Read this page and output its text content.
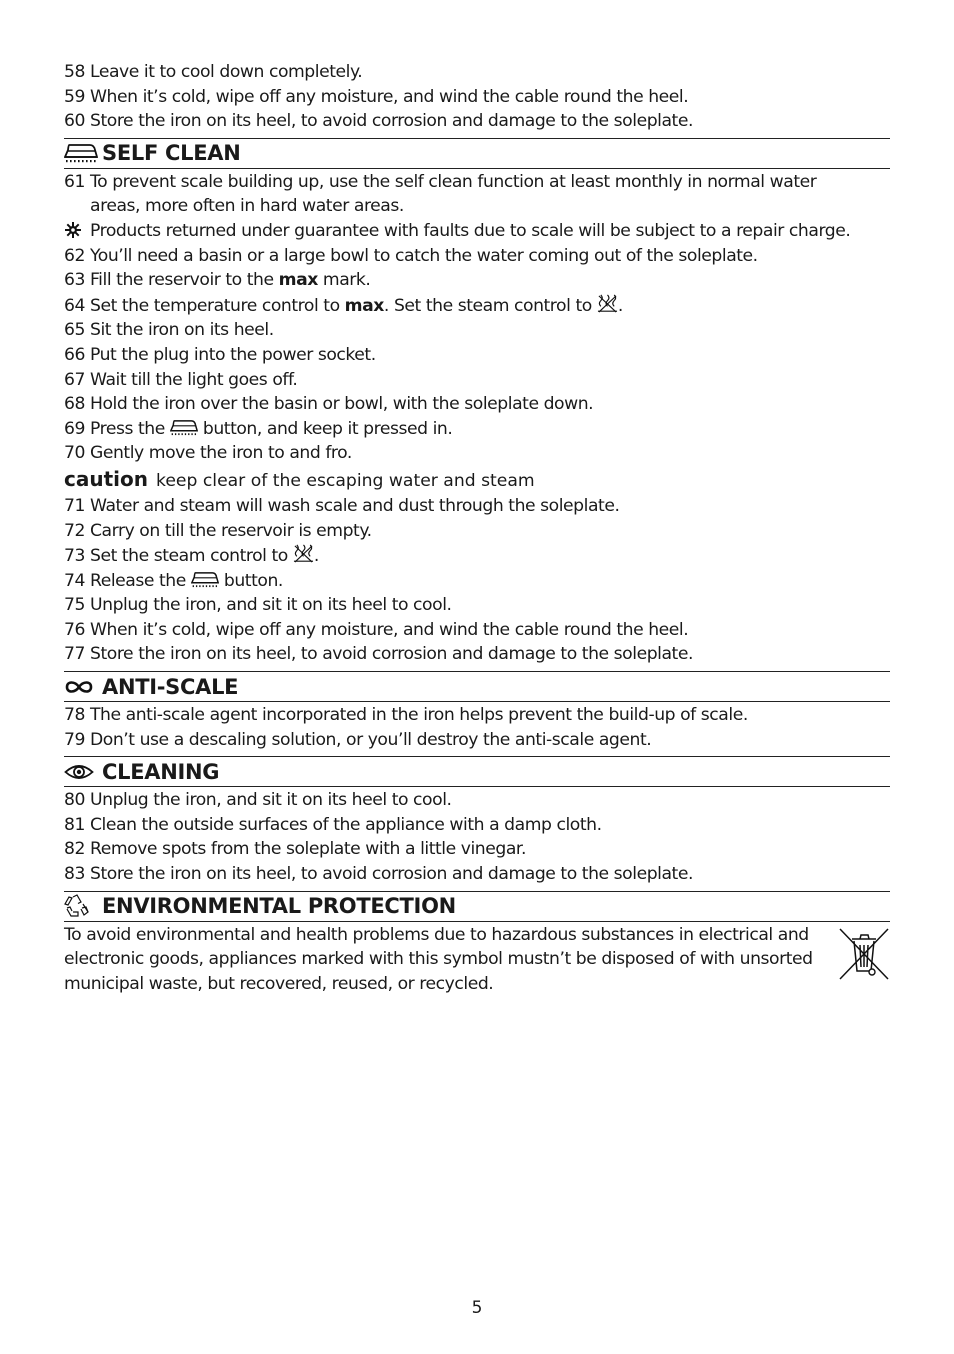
58 Leave it to cool down completely.
59 When it’s cold, wipe off any moisture, and wind the cable round the heel.
60 Store the iron on its heel, to avoid corrosion and damage to the soleplate.
SELF CLEAN
61 To prevent scale building up, use the self clean function at least monthly in normal water
areas, more often in hard water areas.
Products returned under guarantee with faults due to scale will be subject to a repair charge.
62 You’ll need a basin or a large bowl to catch the water coming out of the soleplate.
63 Fill the reservoir to the max mark.
64 Set the temperature control to max. Set the steam control to .
65 Sit the iron on its heel.
66 Put the plug into the power socket.
67 Wait till the light goes off.
68 Hold the iron over the basin or bowl, with the soleplate down.
69 Press the  button, and keep it pressed in.
70 Gently move the iron to and fro.
caution keep clear of the escaping water and steam
71 Water and steam will wash scale and dust through the soleplate.
72 Carry on till the reservoir is empty.
73 Set the steam control to .
74 Release the  button.
75 Unplug the iron, and sit it on its heel to cool.
76 When it’s cold, wipe off any moisture, and wind the cable round the heel.
77 Store the iron on its heel, to avoid corrosion and damage to the soleplate.
ANTI-SCALE
78 The anti-scale agent incorporated in the iron helps prevent the build-up of scale.
79 Don’t use a descaling solution, or you’ll destroy the anti-scale agent.
CLEANING
80 Unplug the iron, and sit it on its heel to cool.
81 Clean the outside surfaces of the appliance with a damp cloth.
82 Remove spots from the soleplate with a little vinegar.
83 Store the iron on its heel, to avoid corrosion and damage to the soleplate.
ENVIRONMENTAL PROTECTION
To avoid environmental and health problems due to hazardous substances in electrical and electronic goods, appliances marked with this symbol mustn’t be disposed of with unsorted municipal waste, but recovered, reused, or recycled.
5
